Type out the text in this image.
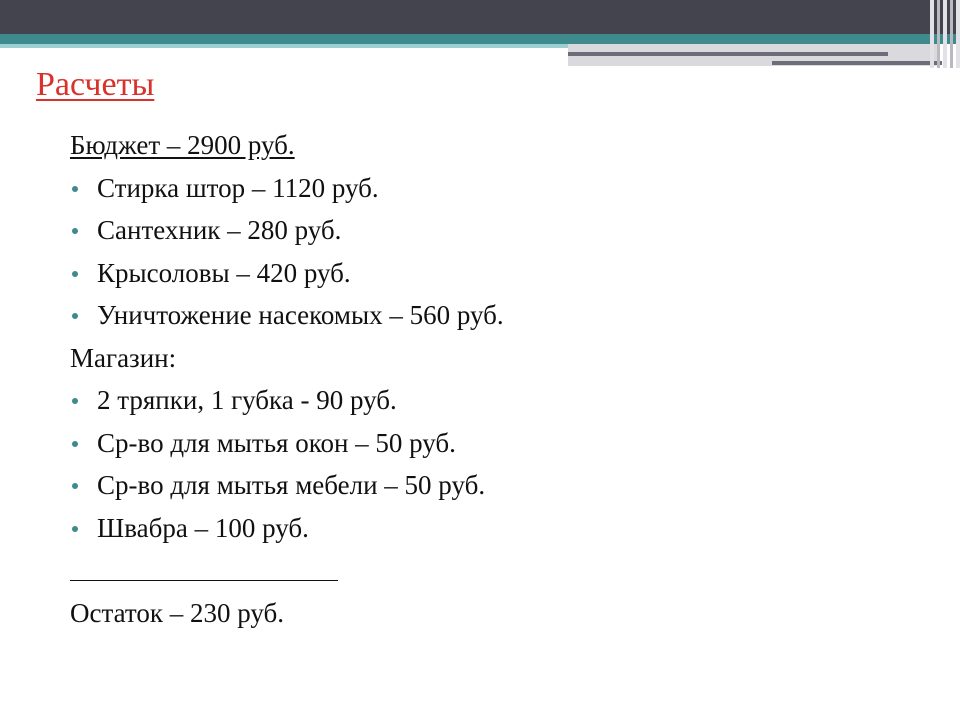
Расчеты
Бюджет – 2900 руб.
Стирка штор – 1120 руб.
Сантехник – 280 руб.
Крысоловы – 420 руб.
Уничтожение насекомых – 560 руб.
Магазин:
2 тряпки, 1 губка - 90 руб.
Ср-во для мытья окон – 50 руб.
Ср-во для мытья мебели – 50 руб.
Швабра – 100 руб.
Остаток – 230 руб.
